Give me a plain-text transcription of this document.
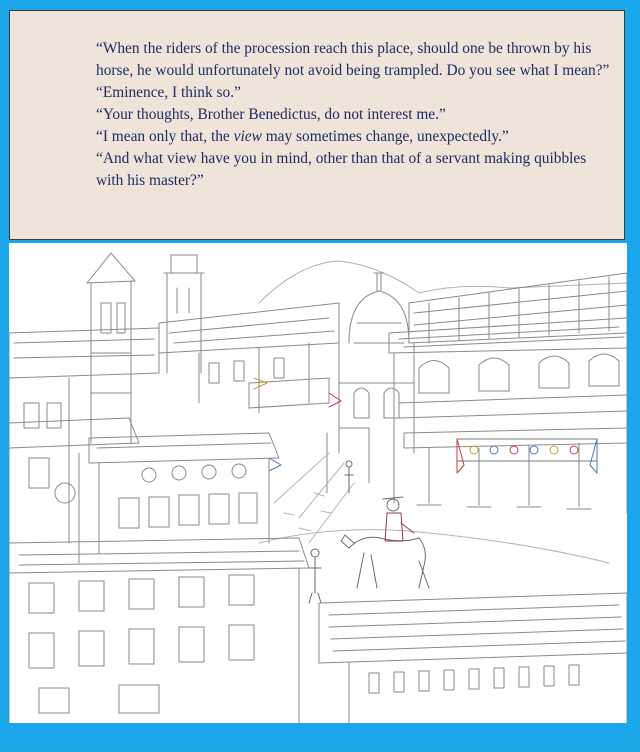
“When the riders of the procession reach this place, should one be thrown by his horse, he would unfortunately not avoid being trampled. Do you see what I mean?”

“Eminence, I think so.”

“Your thoughts, Brother Benedictus, do not interest me.”

“I mean only that, the view may sometimes change, unexpectedly.”

“And what view have you in mind, other than that of a servant making quibbles with his master?”
